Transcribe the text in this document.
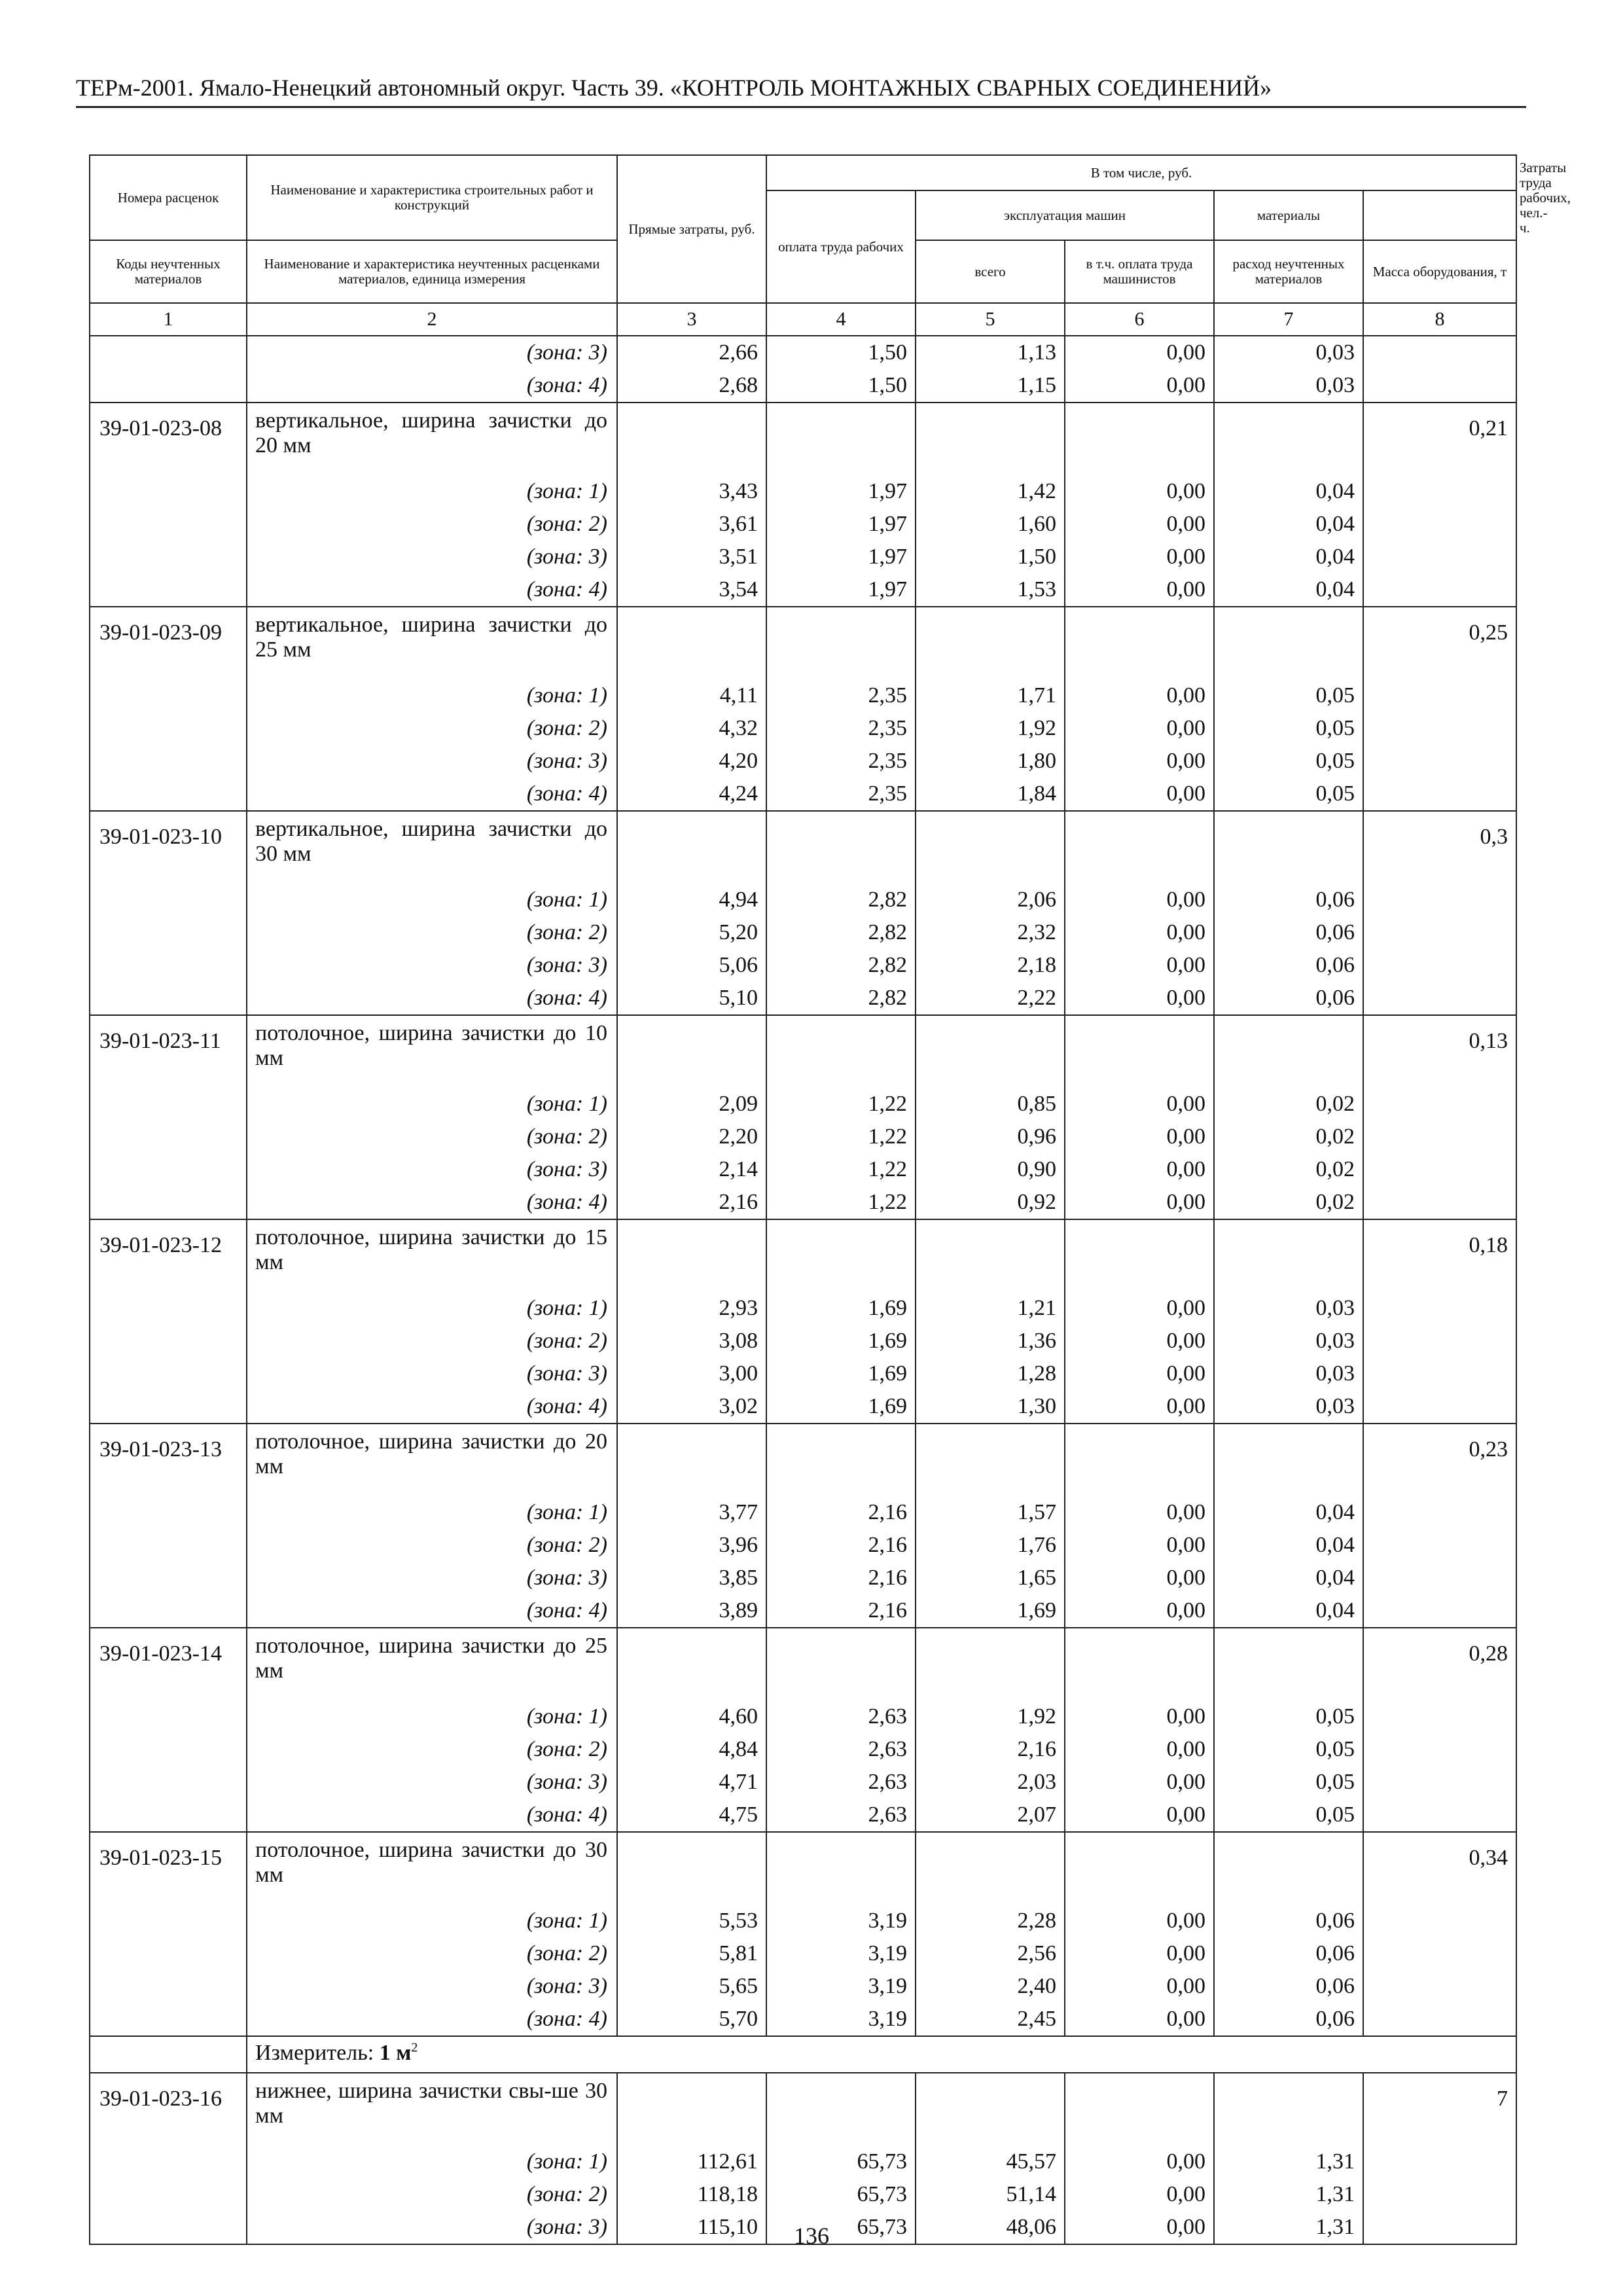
ТЕРм-2001. Ямало-Ненецкий автономный округ. Часть 39. «КОНТРОЛЬ МОНТАЖНЫХ СВАРНЫХ СОЕДИНЕНИЙ»
Номера расценок	Наименование и характеристика строительных работ и конструкций	Прямые затраты, руб.	В том числе, руб.					Затраты труда рабочих, чел.-ч.
			оплата труда рабочих	эксплуатация машин		материалы		
Коды неучтенных материалов	Наименование и характеристика неучтенных расценками материалов, единица измерения			всего	в т.ч. оплата труда машинистов	расход неучтенных материалов	Масса оборудования, т	
1	2	3	4	5	6	7	8	
	(зона: 3)	2,66	1,50	1,13	0,00	0,03		
	(зона: 4)	2,68	1,50	1,15	0,00	0,03		
39-01-023-08	вертикальное, ширина зачистки до 20 мм						0,21	
	(зона: 1)	3,43	1,97	1,42	0,00	0,04		
	(зона: 2)	3,61	1,97	1,60	0,00	0,04		
	(зона: 3)	3,51	1,97	1,50	0,00	0,04		
	(зона: 4)	3,54	1,97	1,53	0,00	0,04		
39-01-023-09	вертикальное, ширина зачистки до 25 мм						0,25	
	(зона: 1)	4,11	2,35	1,71	0,00	0,05		
	(зона: 2)	4,32	2,35	1,92	0,00	0,05		
	(зона: 3)	4,20	2,35	1,80	0,00	0,05		
	(зона: 4)	4,24	2,35	1,84	0,00	0,05		
39-01-023-10	вертикальное, ширина зачистки до 30 мм						0,3	
	(зона: 1)	4,94	2,82	2,06	0,00	0,06		
	(зона: 2)	5,20	2,82	2,32	0,00	0,06		
	(зона: 3)	5,06	2,82	2,18	0,00	0,06		
	(зона: 4)	5,10	2,82	2,22	0,00	0,06		
39-01-023-11	потолочное, ширина зачистки до 10 мм						0,13	
	(зона: 1)	2,09	1,22	0,85	0,00	0,02		
	(зона: 2)	2,20	1,22	0,96	0,00	0,02		
	(зона: 3)	2,14	1,22	0,90	0,00	0,02		
	(зона: 4)	2,16	1,22	0,92	0,00	0,02		
39-01-023-12	потолочное, ширина зачистки до 15 мм						0,18	
	(зона: 1)	2,93	1,69	1,21	0,00	0,03		
	(зона: 2)	3,08	1,69	1,36	0,00	0,03		
	(зона: 3)	3,00	1,69	1,28	0,00	0,03		
	(зона: 4)	3,02	1,69	1,30	0,00	0,03		
39-01-023-13	потолочное, ширина зачистки до 20 мм						0,23	
	(зона: 1)	3,77	2,16	1,57	0,00	0,04		
	(зона: 2)	3,96	2,16	1,76	0,00	0,04		
	(зона: 3)	3,85	2,16	1,65	0,00	0,04		
	(зона: 4)	3,89	2,16	1,69	0,00	0,04		
39-01-023-14	потолочное, ширина зачистки до 25 мм						0,28	
	(зона: 1)	4,60	2,63	1,92	0,00	0,05		
	(зона: 2)	4,84	2,63	2,16	0,00	0,05		
	(зона: 3)	4,71	2,63	2,03	0,00	0,05		
	(зона: 4)	4,75	2,63	2,07	0,00	0,05		
39-01-023-15	потолочное, ширина зачистки до 30 мм						0,34	
	(зона: 1)	5,53	3,19	2,28	0,00	0,06		
	(зона: 2)	5,81	3,19	2,56	0,00	0,06		
	(зона: 3)	5,65	3,19	2,40	0,00	0,06		
	(зона: 4)	5,70	3,19	2,45	0,00	0,06		
	Измеритель: 1 $м^2$
39-01-023-16	нижнее, ширина зачистки свы-ше 30 мм						7	
	(зона: 1)	112,61	65,73	45,57	0,00	1,31		
	(зона: 2)	118,18	65,73	51,14	0,00	1,31		
	(зона: 3)	115,10	65,73	48,06	0,00	1,31		
136
